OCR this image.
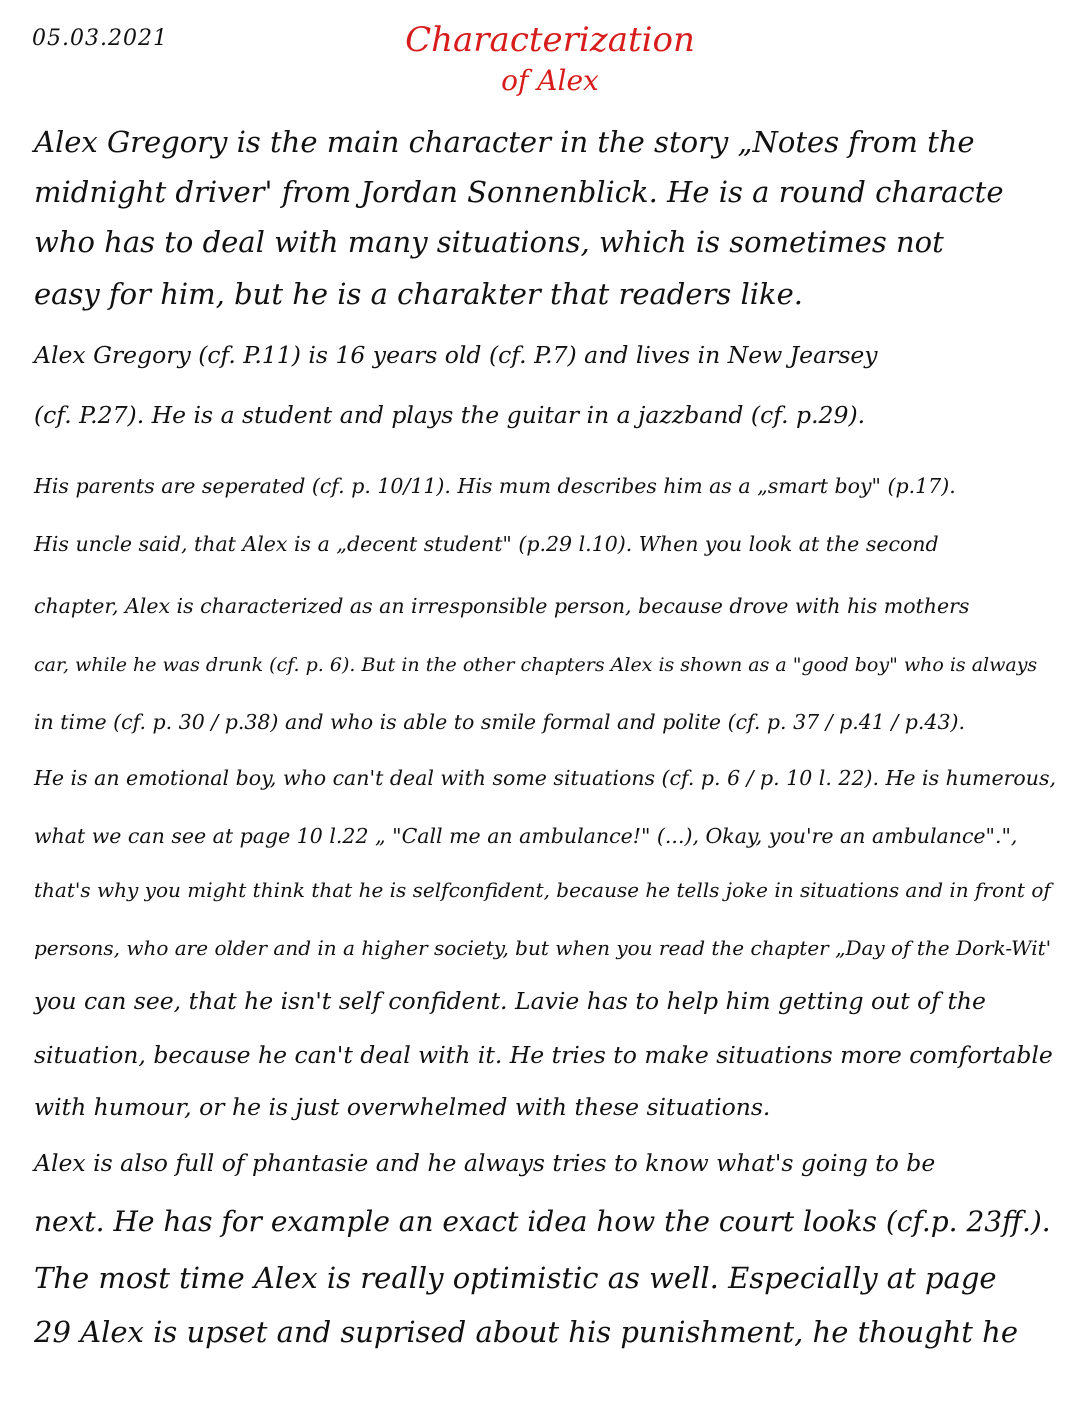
05.03.2021	Characterization
of Alex
Alex Gregory is the main character in the story „Notes from the
midnight driver' from Jordan Sonnenblick. He is a round characte
who has to deal with many situations, which is sometimes not
easy for him, but he is a charakter that readers like.
Alex Gregory (cf. P.11) is 16 years old (cf. P.7) and lives in New Jearsey
(cf. P.27). He is a student and plays the guitar in a jazzband (cf. p.29).
His parents are seperated (cf. p. 10/11). His mum describes him as a „smart boy" (p.17).
His uncle said, that Alex is a „decent student" (p.29 l.10). When you look at the second
chapter, Alex is characterized as an irresponsible person, because drove with his mothers
car, while he was drunk (cf. p. 6). But in the other chapters Alex is shown as a "good boy" who is always
in time (cf. p. 30 / p.38) and who is able to smile formal and polite (cf. p. 37 / p.41 / p.43).
He is an emotional boy, who can't deal with some situations (cf. p. 6 / p. 10 l. 22). He is humerous,
what we can see at page 10 l.22 „ "Call me an ambulance!" (...), Okay, you're an ambulance".",
that's why you might think that he is selfconfident, because he tells joke in situations and in front of
persons, who are older and in a higher society, but when you read the chapter „Day of the Dork-Wit'
you can see, that he isn't self confident. Lavie has to help him getting out of the
situation, because he can't deal with it. He tries to make situations more comfortable
with humour, or he is just overwhelmed with these situations.
Alex is also full of phantasie and he always tries to know what's going to be
next. He has for example an exact idea how the court looks (cf.p. 23ff.).
The most time Alex is really optimistic as well. Especially at page
29 Alex is upset and suprised about his punishment, he thought he
